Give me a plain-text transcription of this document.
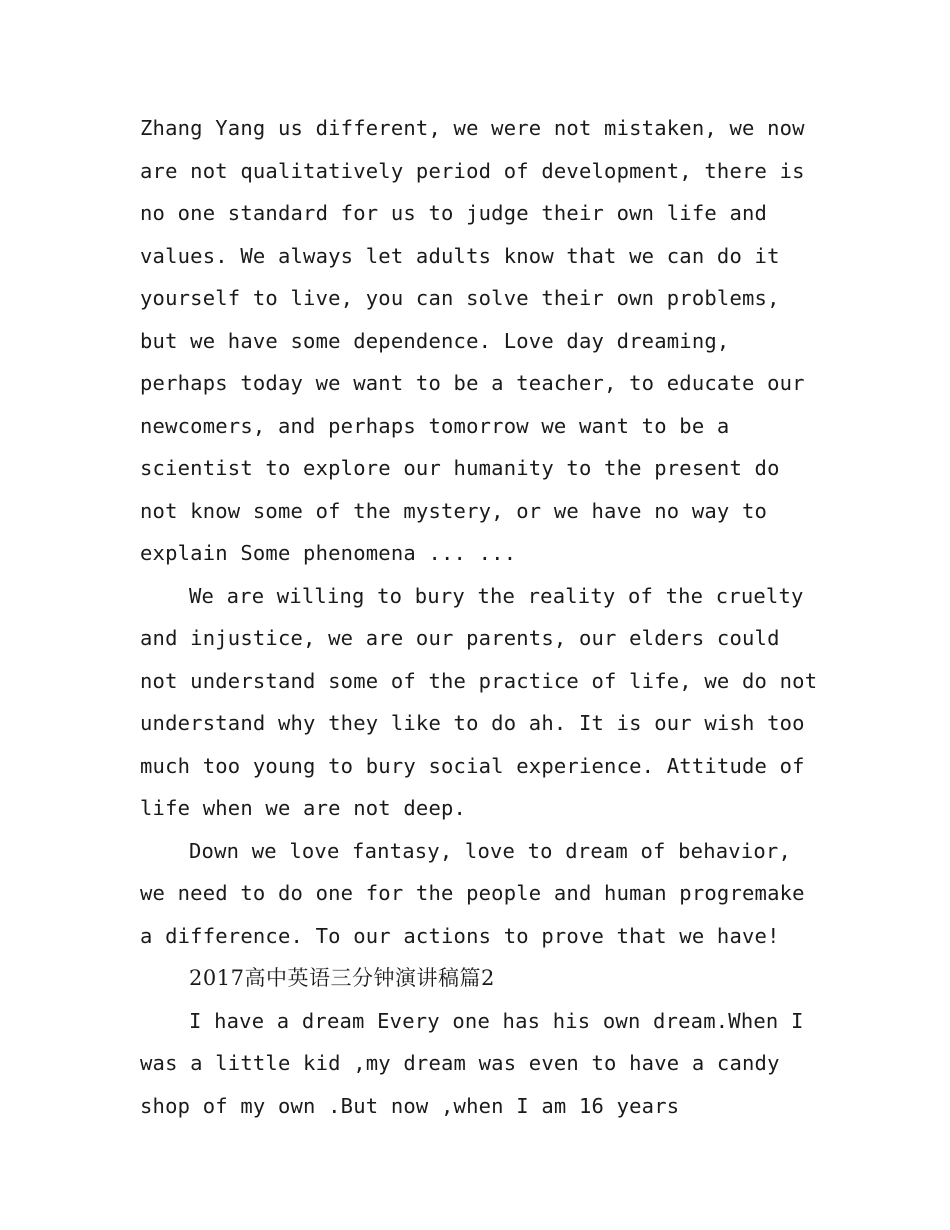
Zhang Yang us different, we were not mistaken, we now
are not qualitatively period of development, there is
no one standard for us to judge their own life and
values. We always let adults know that we can do it
yourself to live, you can solve their own problems,
but we have some dependence. Love day dreaming,
perhaps today we want to be a teacher, to educate our
newcomers, and perhaps tomorrow we want to be a
scientist to explore our humanity to the present do
not know some of the mystery, or we have no way to
explain Some phenomena ... ...
We are willing to bury the reality of the cruelty
and injustice, we are our parents, our elders could
not understand some of the practice of life, we do not
understand why they like to do ah. It is our wish too
much too young to bury social experience. Attitude of
life when we are not deep.
Down we love fantasy, love to dream of behavior,
we need to do one for the people and human progremake
a difference. To our actions to prove that we have!
2017高中英语三分钟演讲稿篇2
I have a dream Every one has his own dream.When I
was a little kid ,my dream was even to have a candy
shop of my own .But now ,when I am 16 years
